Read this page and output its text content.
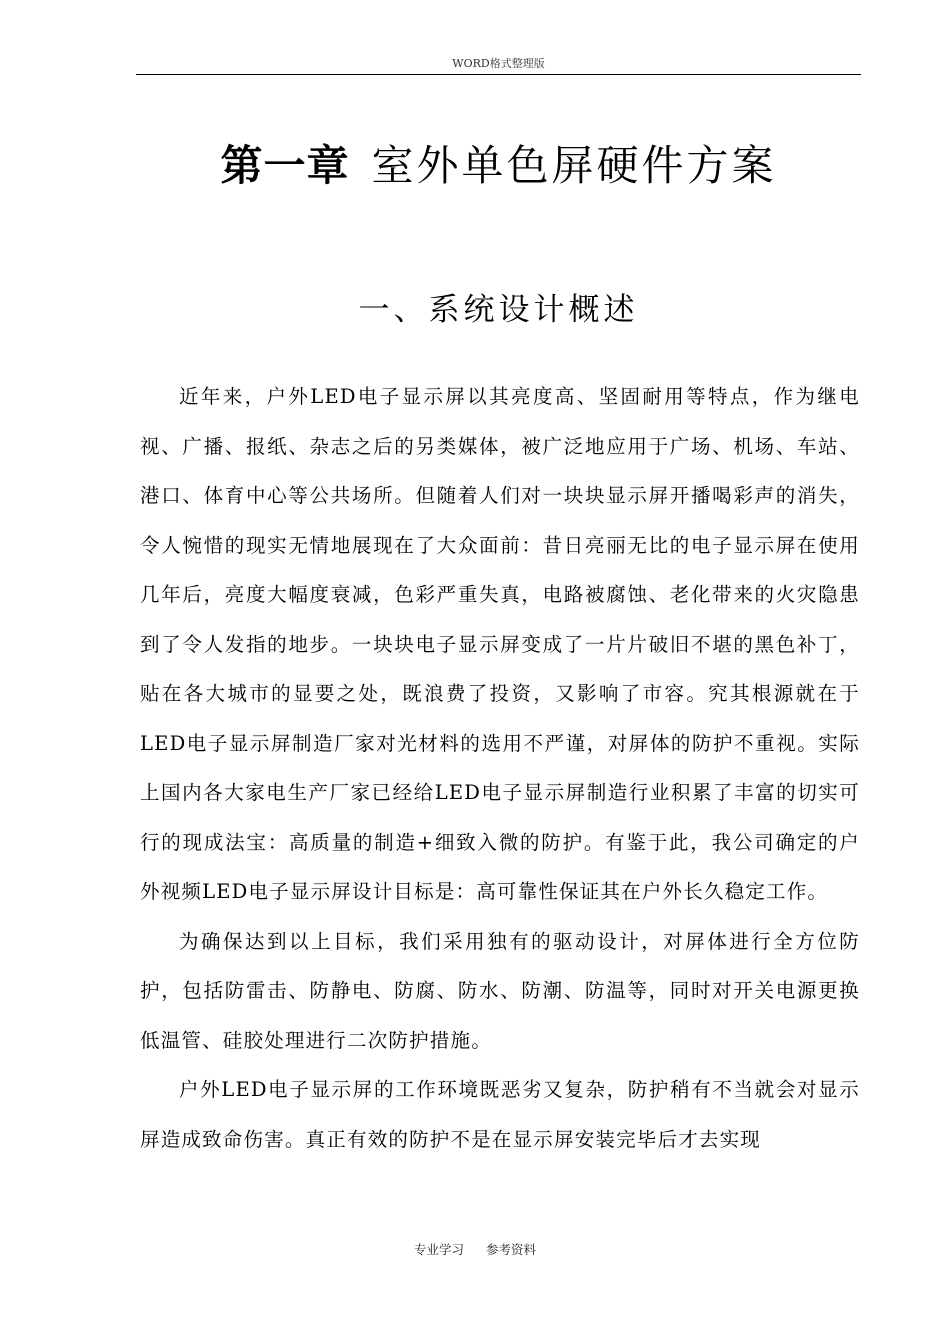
WORD格式整理版
第一章 室外单色屏硬件方案
一、系统设计概述

近年来，户外LED电子显示屏以其亮度高、坚固耐用等特点，作为继电视、广播、报纸、杂志之后的另类媒体，被广泛地应用于广场、机场、车站、港口、体育中心等公共场所。但随着人们对一块块显示屏开播喝彩声的消失，令人惋惜的现实无情地展现在了大众面前：昔日亮丽无比的电子显示屏在使用几年后，亮度大幅度衰减，色彩严重失真，电路被腐蚀、老化带来的火灾隐患到了令人发指的地步。一块块电子显示屏变成了一片片破旧不堪的黑色补丁，贴在各大城市的显要之处，既浪费了投资，又影响了市容。究其根源就在于LED电子显示屏制造厂家对光材料的选用不严谨，对屏体的防护不重视。实际上国内各大家电生产厂家已经给LED电子显示屏制造行业积累了丰富的切实可行的现成法宝：高质量的制造+细致入微的防护。有鉴于此，我公司确定的户外视频LED电子显示屏设计目标是：高可靠性保证其在户外长久稳定工作。

为确保达到以上目标，我们采用独有的驱动设计，对屏体进行全方位防护，包括防雷击、防静电、防腐、防水、防潮、防温等，同时对开关电源更换低温管、硅胶处理进行二次防护措施。

户外LED电子显示屏的工作环境既恶劣又复杂，防护稍有不当就会对显示屏造成致命伤害。真正有效的防护不是在显示屏安装完毕后才去实现

专业学习 参考资料
